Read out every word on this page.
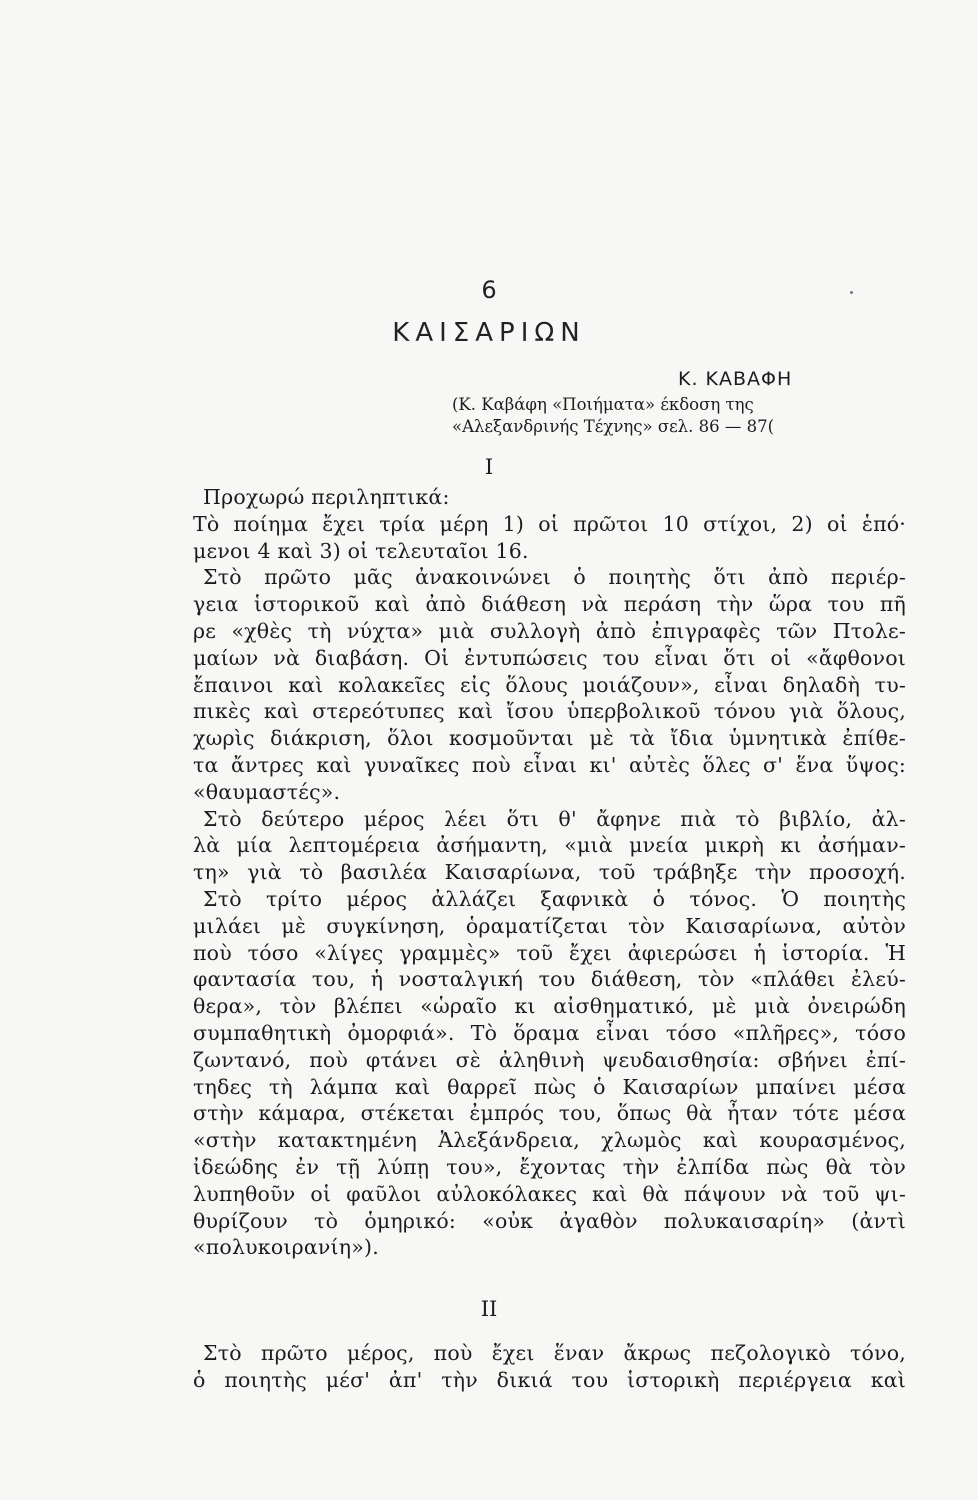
6
ΚΑΙΣΑΡΙΩΝ
Κ. ΚΑΒΑΦΗ
(Κ. Καβάφη «Ποιήματα» έκδοση της
«Αλεξανδρινής Τέχνης» σελ. 86 — 87(
Ι
Προχωρώ περιληπτικά:
Τὸ ποίημα ἔχει τρία μέρη 1) οἱ πρῶτοι 10 στίχοι, 2) οἱ ἑπό·
μενοι 4 καὶ 3) οἱ τελευταῖοι 16.
Στὸ πρῶτο μᾶς ἀνακοινώνει ὁ ποιητὴς ὅτι ἀπὸ περιέρ-
γεια ἱστορικοῦ καὶ ἀπὸ διάθεση νὰ περάση τὴν ὥρα του πῆ
ρε «χθὲς τὴ νύχτα» μιὰ συλλογὴ ἀπὸ ἐπιγραφὲς τῶν Πτολε-
μαίων νὰ διαβάση. Οἱ ἐντυπώσεις του εἶναι ὅτι οἱ «ἄφθονοι
ἔπαινοι καὶ κολακεῖες εἰς ὅλους μοιάζουν», εἶναι δηλαδὴ τυ-
πικὲς καὶ στερεότυπες καὶ ἴσου ὑπερβολικοῦ τόνου γιὰ ὅλους,
χωρὶς διάκριση, ὅλοι κοσμοῦνται μὲ τὰ ἴδια ὑμνητικὰ ἐπίθε-
τα ἄντρες καὶ γυναῖκες ποὺ εἶναι κι' αὐτὲς ὅλες σ' ἕνα ὕψος:
«θαυμαστές».
Στὸ δεύτερο μέρος λέει ὅτι θ' ἄφηνε πιὰ τὸ βιβλίο, ἀλ-
λὰ μία λεπτομέρεια ἀσήμαντη, «μιὰ μνεία μικρὴ κι ἀσήμαν-
τη» γιὰ τὸ βασιλέα Καισαρίωνα, τοῦ τράβηξε τὴν προσοχή.
Στὸ τρίτο μέρος ἀλλάζει ξαφνικὰ ὁ τόνος. Ὁ ποιητὴς
μιλάει μὲ συγκίνηση, ὁραματίζεται τὸν Καισαρίωνα, αὐτὸν
ποὺ τόσο «λίγες γραμμὲς» τοῦ ἔχει ἀφιερώσει ἡ ἱστορία. Ἡ
φαντασία του, ἡ νοσταλγική του διάθεση, τὸν «πλάθει ἐλεύ-
θερα», τὸν βλέπει «ὡραῖο κι αἰσθηματικό, μὲ μιὰ ὀνειρώδη
συμπαθητικὴ ὀμορφιά». Τὸ ὅραμα εἶναι τόσο «πλῆρες», τόσο
ζωντανό, ποὺ φτάνει σὲ ἀληθινὴ ψευδαισθησία: σβήνει ἐπί-
τηδες τὴ λάμπα καὶ θαρρεῖ πὼς ὁ Καισαρίων μπαίνει μέσα
στὴν κάμαρα, στέκεται ἐμπρός του, ὅπως θὰ ἦταν τότε μέσα
«στὴν κατακτημένη Ἀλεξάνδρεια, χλωμὸς καὶ κουρασμένος,
ἰδεώδης ἐν τῇ λύπῃ του», ἔχοντας τὴν ἐλπίδα πὼς θὰ τὸν
λυπηθοῦν οἱ φαῦλοι αὐλοκόλακες καὶ θὰ πάψουν νὰ τοῦ ψι-
θυρίζουν τὸ ὁμηρικό: «οὐκ ἀγαθὸν πολυκαισαρίη» (ἀντὶ
«πολυκοιρανίη»).
ΙΙ
Στὸ πρῶτο μέρος, ποὺ ἔχει ἕναν ἄκρως πεζολογικὸ τόνο,
ὁ ποιητὴς μέσ' ἀπ' τὴν δικιά του ἱστορικὴ περιέργεια καὶ
